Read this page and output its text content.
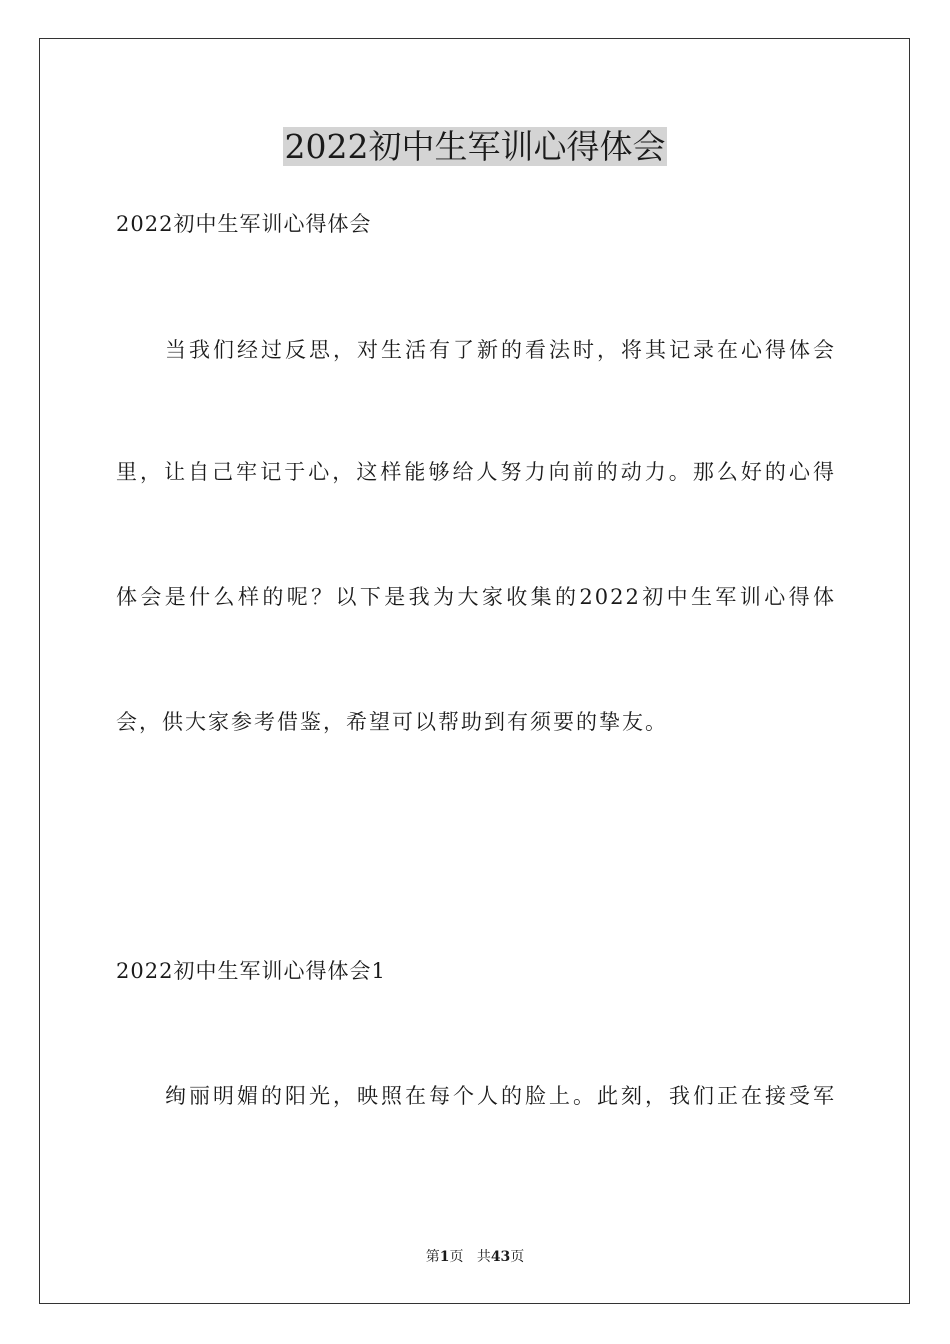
2022初中生军训心得体会
2022初中生军训心得体会
当我们经过反思，对生活有了新的看法时，将其记录在心得体会
里，让自己牢记于心，这样能够给人努力向前的动力。那么好的心得
体会是什么样的呢？以下是我为大家收集的2022初中生军训心得体
会，供大家参考借鉴，希望可以帮助到有须要的挚友。
2022初中生军训心得体会1
绚丽明媚的阳光，映照在每个人的脸上。此刻，我们正在接受军
第1页 共43页
